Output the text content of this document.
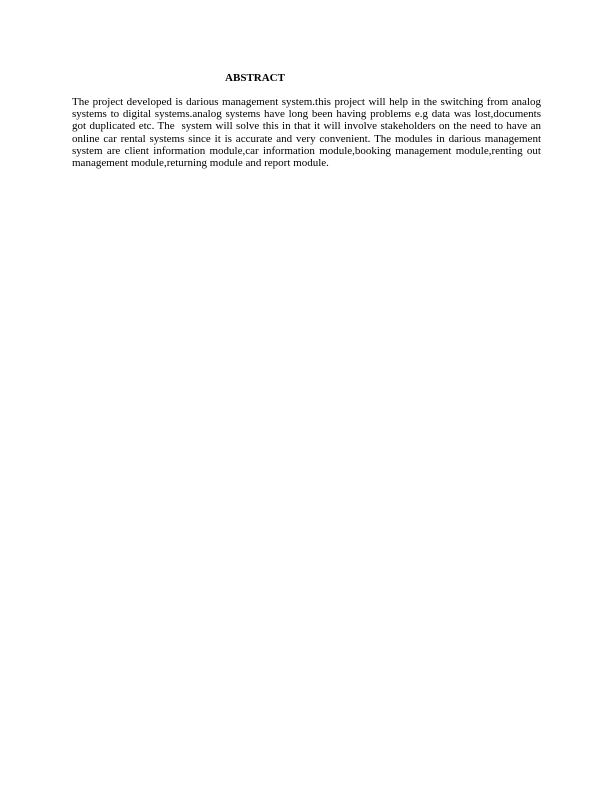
ABSTRACT

The project developed is darious management system.this project will help in the switching from analog systems to digital systems.analog systems have long been having problems e.g data was lost,documents got duplicated etc. The  system will solve this in that it will involve stakeholders on the need to have an online car rental systems since it is accurate and very convenient. The modules in darious management system are client information module,car information module,booking management module,renting out management module,returning module and report module.
